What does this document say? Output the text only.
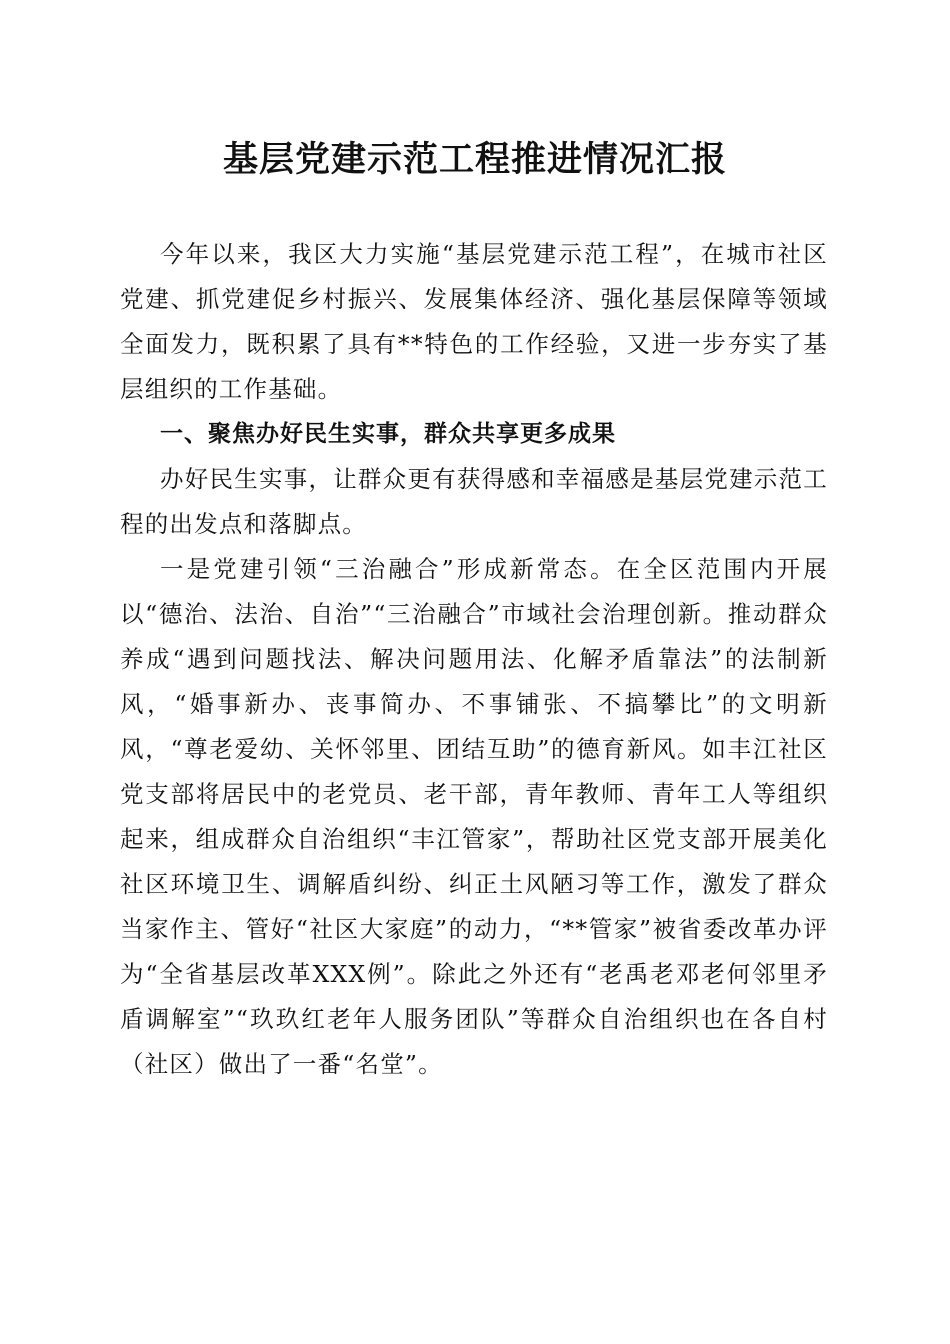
基层党建示范工程推进情况汇报

今年以来，我区大力实施“基层党建示范工程”，在城市社区党建、抓党建促乡村振兴、发展集体经济、强化基层保障等领域全面发力，既积累了具有**特色的工作经验，又进一步夯实了基层组织的工作基础。

一、聚焦办好民生实事，群众共享更多成果

办好民生实事，让群众更有获得感和幸福感是基层党建示范工程的出发点和落脚点。

一是党建引领“三治融合”形成新常态。在全区范围内开展以“德治、法治、自治”“三治融合”市域社会治理创新。推动群众养成“遇到问题找法、解决问题用法、化解矛盾靠法”的法制新风，“婚事新办、丧事简办、不事铺张、不搞攀比”的文明新风，“尊老爱幼、关怀邻里、团结互助”的德育新风。如丰江社区党支部将居民中的老党员、老干部，青年教师、青年工人等组织起来，组成群众自治组织“丰江管家”，帮助社区党支部开展美化社区环境卫生、调解盾纠纷、纠正土风陋习等工作，激发了群众当家作主、管好“社区大家庭”的动力，“**管家”被省委改革办评为“全省基层改革XXX例”。除此之外还有“老禹老邓老何邻里矛盾调解室”“玖玖红老年人服务团队”等群众自治组织也在各自村（社区）做出了一番“名堂”。
